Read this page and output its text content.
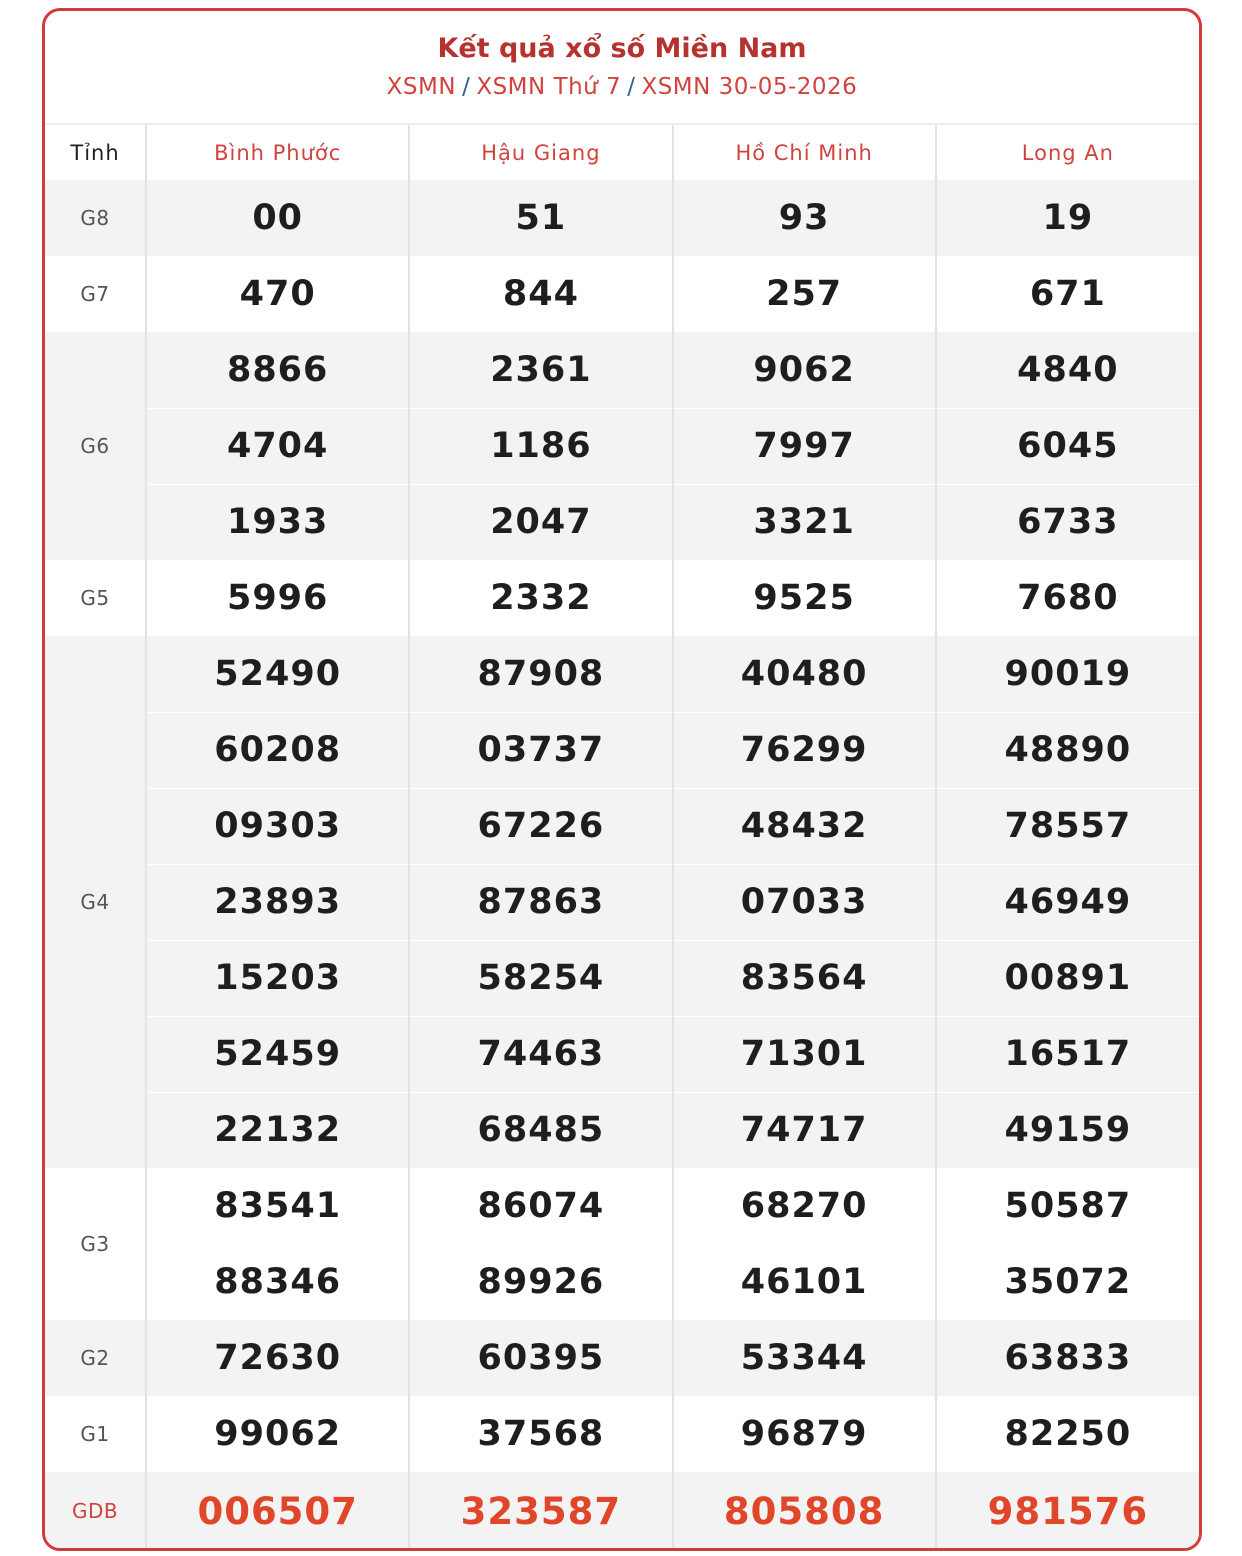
Kết quả xổ số Miền Nam
XSMN / XSMN Thứ 7 / XSMN 30-05-2026
Tỉnh	Bình Phước	Hậu Giang	Hồ Chí Minh	Long An
G8	00	51	93	19
G7	470	844	257	671
G6	8866	2361	9062	4840
	4704	1186	7997	6045
	1933	2047	3321	6733
G5	5996	2332	9525	7680
G4	52490	87908	40480	90019
	60208	03737	76299	48890
	09303	67226	48432	78557
	23893	87863	07033	46949
	15203	58254	83564	00891
	52459	74463	71301	16517
	22132	68485	74717	49159
G3	83541	86074	68270	50587
	88346	89926	46101	35072
G2	72630	60395	53344	63833
G1	99062	37568	96879	82250
GDB	006507	323587	805808	981576
